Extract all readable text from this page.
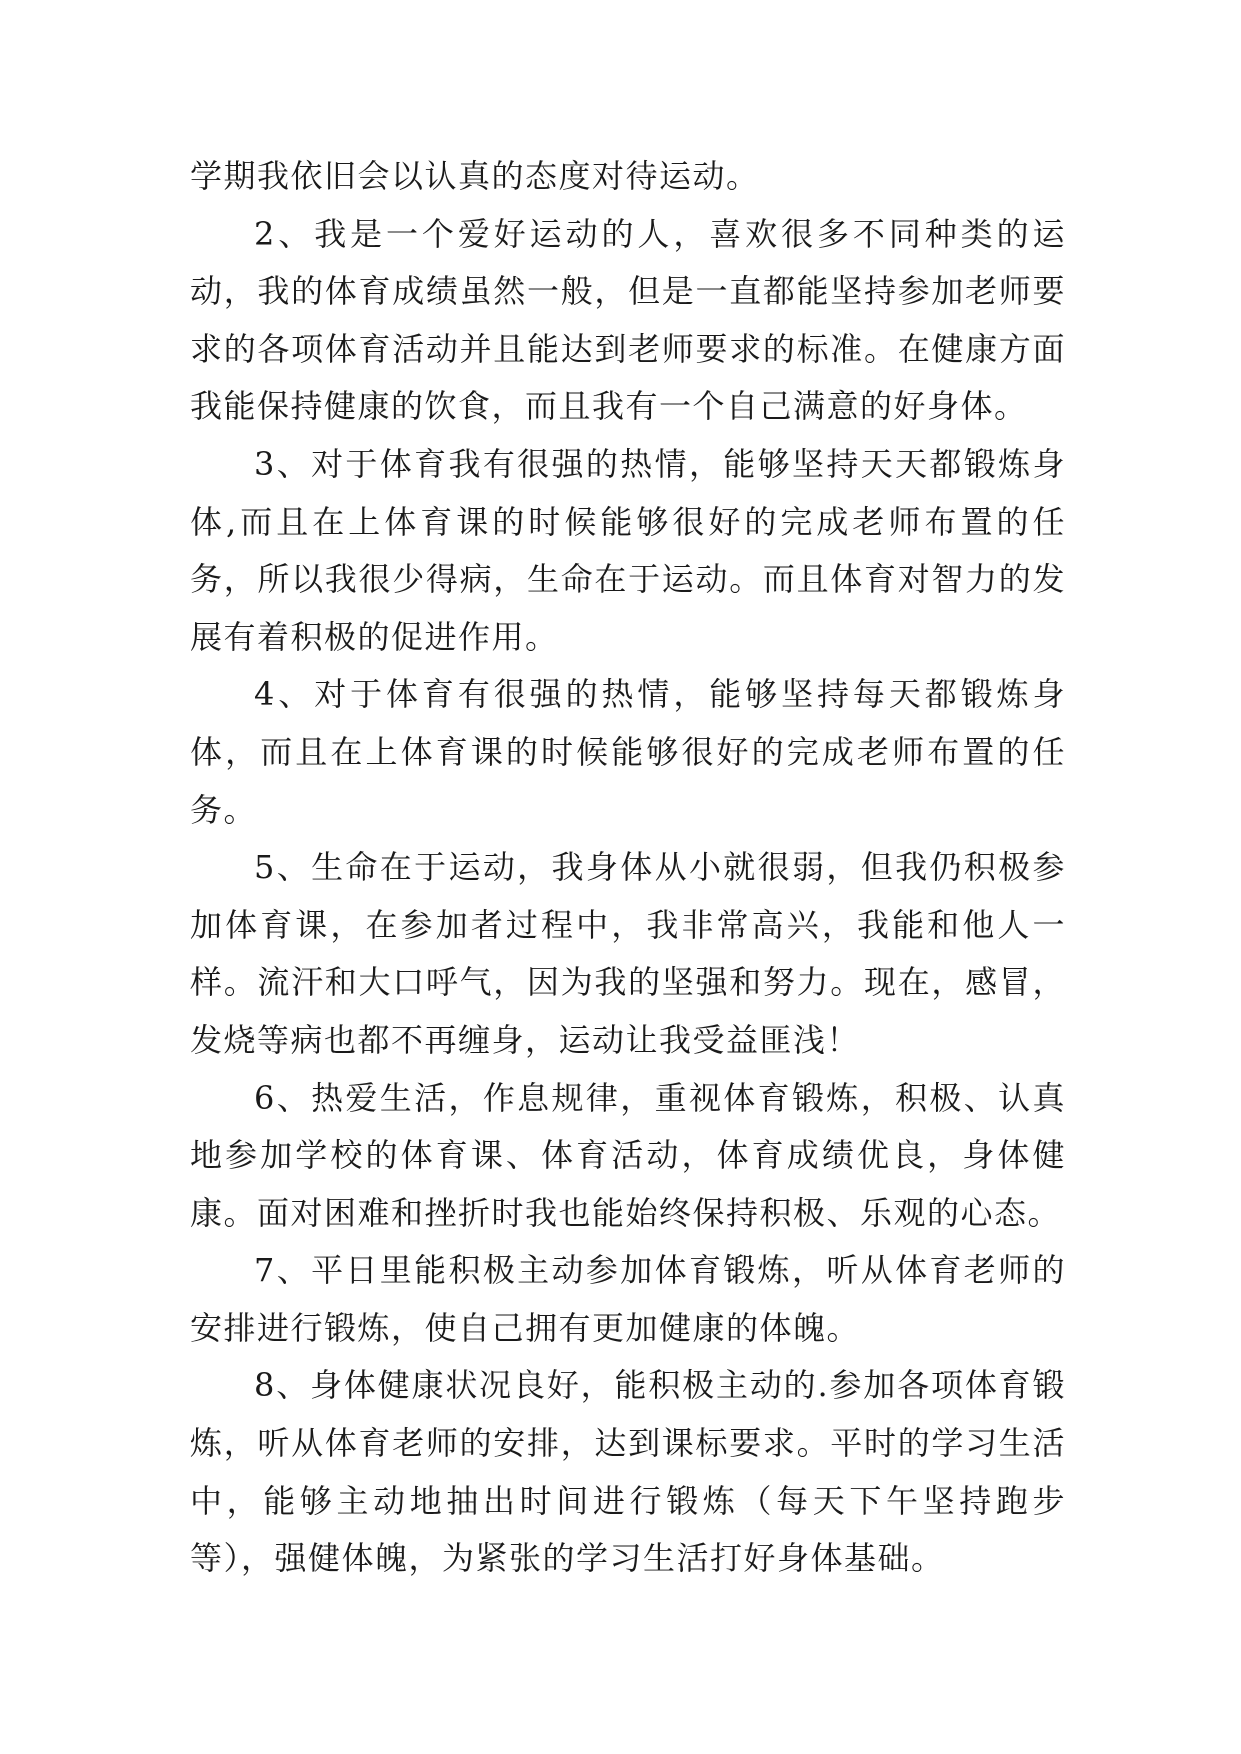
学期我依旧会以认真的态度对待运动。

2、我是一个爱好运动的人，喜欢很多不同种类的运动，我的体育成绩虽然一般，但是一直都能坚持参加老师要求的各项体育活动并且能达到老师要求的标准。在健康方面我能保持健康的饮食，而且我有一个自己满意的好身体。

3、对于体育我有很强的热情，能够坚持天天都锻炼身体,而且在上体育课的时候能够很好的完成老师布置的任务，所以我很少得病，生命在于运动。而且体育对智力的发展有着积极的促进作用。

4、对于体育有很强的热情，能够坚持每天都锻炼身体，而且在上体育课的时候能够很好的完成老师布置的任务。

5、生命在于运动，我身体从小就很弱，但我仍积极参加体育课，在参加者过程中，我非常高兴，我能和他人一样。流汗和大口呼气，因为我的坚强和努力。现在，感冒，发烧等病也都不再缠身，运动让我受益匪浅！

6、热爱生活，作息规律，重视体育锻炼，积极、认真地参加学校的体育课、体育活动，体育成绩优良，身体健康。面对困难和挫折时我也能始终保持积极、乐观的心态。

7、平日里能积极主动参加体育锻炼，听从体育老师的安排进行锻炼，使自己拥有更加健康的体魄。

8、身体健康状况良好，能积极主动的.参加各项体育锻炼，听从体育老师的安排，达到课标要求。平时的学习生活中，能够主动地抽出时间进行锻炼（每天下午坚持跑步等），强健体魄，为紧张的学习生活打好身体基础。
